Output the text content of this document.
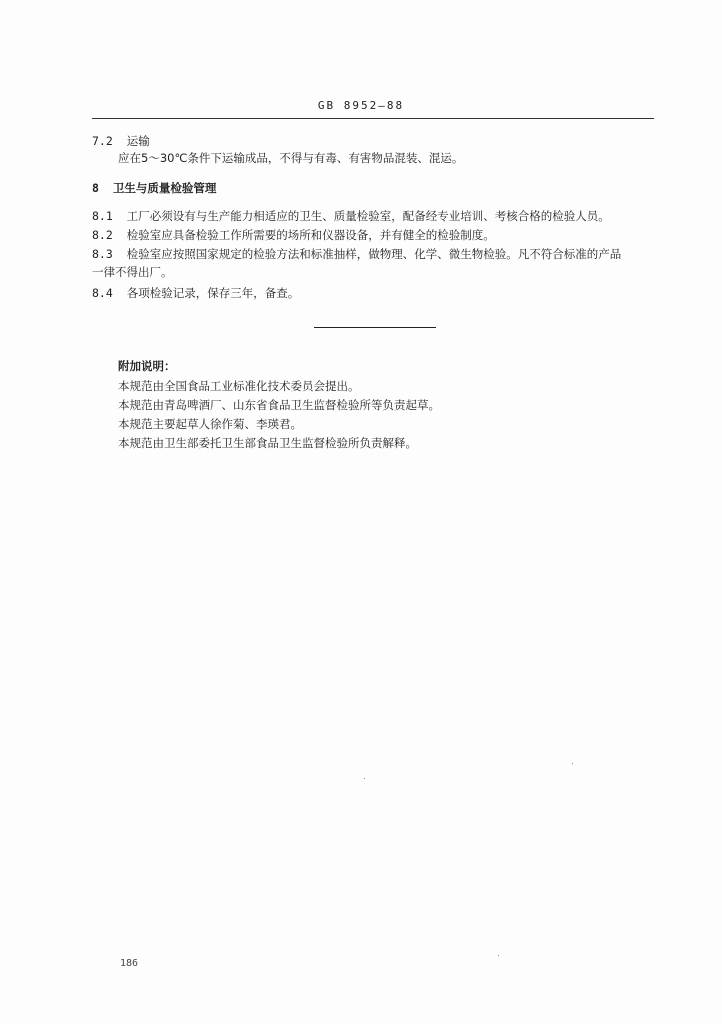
GB 8952—88
7.2 运输
应在5～30℃条件下运输成品，不得与有毒、有害物品混装、混运。
8 卫生与质量检验管理
8.1 工厂必须设有与生产能力相适应的卫生、质量检验室，配备经专业培训、考核合格的检验人员。
8.2 检验室应具备检验工作所需要的场所和仪器设备，并有健全的检验制度。
8.3 检验室应按照国家规定的检验方法和标准抽样，做物理、化学、微生物检验。凡不符合标准的产品
一律不得出厂。
8.4 各项检验记录，保存三年，备查。
附加说明：
本规范由全国食品工业标准化技术委员会提出。
本规范由青岛啤酒厂、山东省食品卫生监督检验所等负责起草。
本规范主要起草人徐作菊、李瑛君。
本规范由卫生部委托卫生部食品卫生监督检验所负责解释。
186
